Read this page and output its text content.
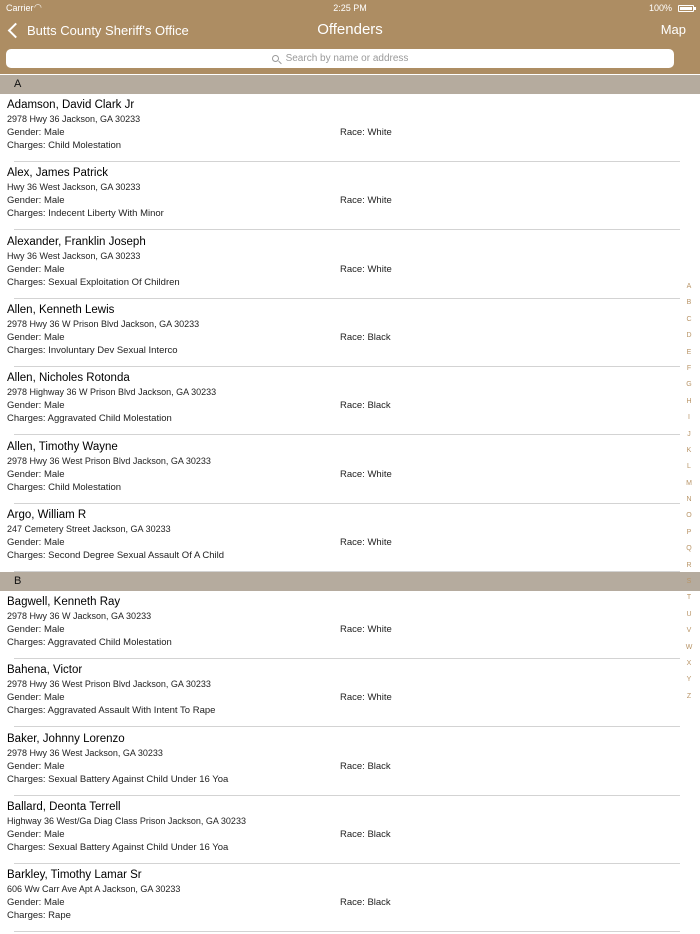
Carrier ◠	2:25 PM	100%
Butts County Sheriff's Office	Offenders	Map
Search by name or address
A
Adamson, David Clark Jr
2978 Hwy 36 Jackson, GA 30233
Gender: Male	Race: White
Charges: Child Molestation
Alex, James Patrick
Hwy 36 West Jackson, GA 30233
Gender: Male	Race: White
Charges: Indecent Liberty With Minor
Alexander, Franklin Joseph
Hwy 36 West Jackson, GA 30233
Gender: Male	Race: White
Charges: Sexual Exploitation Of Children
Allen, Kenneth Lewis
2978 Hwy 36 W Prison Blvd Jackson, GA 30233
Gender: Male	Race: Black
Charges: Involuntary Dev Sexual Interco
Allen, Nicholes Rotonda
2978 Highway 36 W Prison Blvd Jackson, GA 30233
Gender: Male	Race: Black
Charges: Aggravated Child Molestation
Allen, Timothy Wayne
2978 Hwy 36 West Prison Blvd Jackson, GA 30233
Gender: Male	Race: White
Charges: Child Molestation
Argo, William R
247 Cemetery Street Jackson, GA 30233
Gender: Male	Race: White
Charges: Second Degree Sexual Assault Of A Child
B
Bagwell, Kenneth Ray
2978 Hwy 36 W Jackson, GA 30233
Gender: Male	Race: White
Charges: Aggravated Child Molestation
Bahena, Victor
2978 Hwy 36 West Prison Blvd Jackson, GA 30233
Gender: Male	Race: White
Charges: Aggravated Assault With Intent To Rape
Baker, Johnny Lorenzo
2978 Hwy 36 West Jackson, GA 30233
Gender: Male	Race: Black
Charges: Sexual Battery Against Child Under 16 Yoa
Ballard, Deonta Terrell
Highway 36 West/Ga Diag Class Prison Jackson, GA 30233
Gender: Male	Race: Black
Charges: Sexual Battery Against Child Under 16 Yoa
Barkley, Timothy Lamar Sr
606 Ww Carr Ave Apt A Jackson, GA 30233
Gender: Male	Race: Black
Charges: Rape
A
B
C
D
E
F
G
H
I
J
K
L
M
N
O
P
Q
R
S
T
U
V
W
X
Y
Z
